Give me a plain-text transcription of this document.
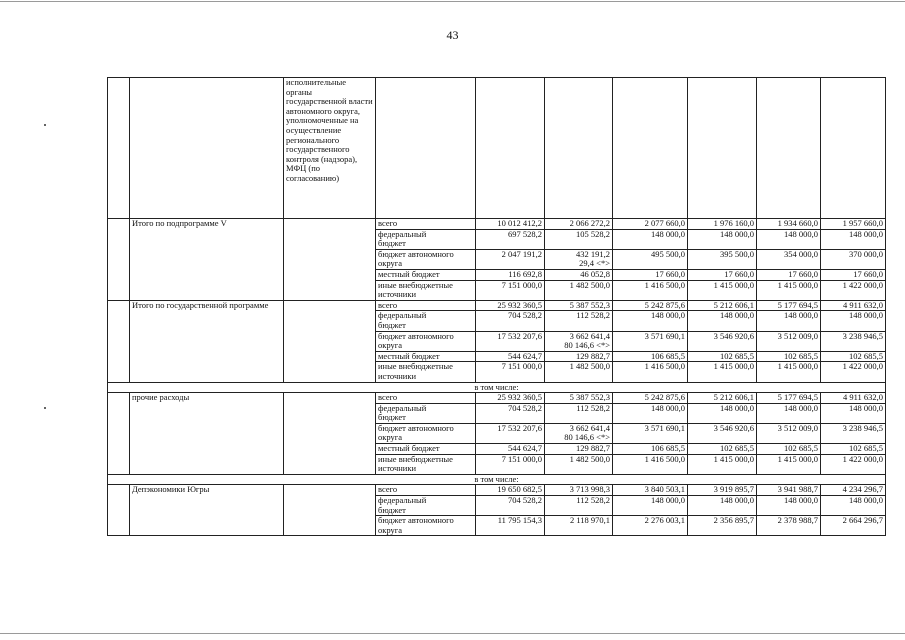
43
		исполнительные органы государственной власти автономного округа, уполномоченные на осуществление регионального государственного контроля (надзора), МФЦ (по согласованию)							
	Итого по подпрограмме V		всего	10 012 412,2	2 066 272,2	2 077 660,0	1 976 160,0	1 934 660,0	1 957 660,0
			федеральный
бюджет	697 528,2	105 528,2	148 000,0	148 000,0	148 000,0	148 000,0
			бюджет автономного
округа	2 047 191,2	432 191,2
29,4 <*>	495 500,0	395 500,0	354 000,0	370 000,0
			местный бюджет	116 692,8	46 052,8	17 660,0	17 660,0	17 660,0	17 660,0
			иные внебюджетные
источники	7 151 000,0	1 482 500,0	1 416 500,0	1 415 000,0	1 415 000,0	1 422 000,0
	Итого по государственной программе		всего	25 932 360,5	5 387 552,3	5 242 875,6	5 212 606,1	5 177 694,5	4 911 632,0
			федеральный
бюджет	704 528,2	112 528,2	148 000,0	148 000,0	148 000,0	148 000,0
			бюджет автономного
округа	17 532 207,6	3 662 641,4
80 146,6 <*>	3 571 690,1	3 546 920,6	3 512 009,0	3 238 946,5
			местный бюджет	544 624,7	129 882,7	106 685,5	102 685,5	102 685,5	102 685,5
			иные внебюджетные
источники	7 151 000,0	1 482 500,0	1 416 500,0	1 415 000,0	1 415 000,0	1 422 000,0
в том числе:									
	прочие расходы		всего	25 932 360,5	5 387 552,3	5 242 875,6	5 212 606,1	5 177 694,5	4 911 632,0
			федеральный
бюджет	704 528,2	112 528,2	148 000,0	148 000,0	148 000,0	148 000,0
			бюджет автономного
округа	17 532 207,6	3 662 641,4
80 146,6 <*>	3 571 690,1	3 546 920,6	3 512 009,0	3 238 946,5
			местный бюджет	544 624,7	129 882,7	106 685,5	102 685,5	102 685,5	102 685,5
			иные внебюджетные
источники	7 151 000,0	1 482 500,0	1 416 500,0	1 415 000,0	1 415 000,0	1 422 000,0
в том числе:									
	Депэкономики Югры		всего	19 650 682,5	3 713 998,3	3 840 503,1	3 919 895,7	3 941 988,7	4 234 296,7
			федеральный
бюджет	704 528,2	112 528,2	148 000,0	148 000,0	148 000,0	148 000,0
			бюджет автономного
округа	11 795 154,3	2 118 970,1	2 276 003,1	2 356 895,7	2 378 988,7	2 664 296,7
